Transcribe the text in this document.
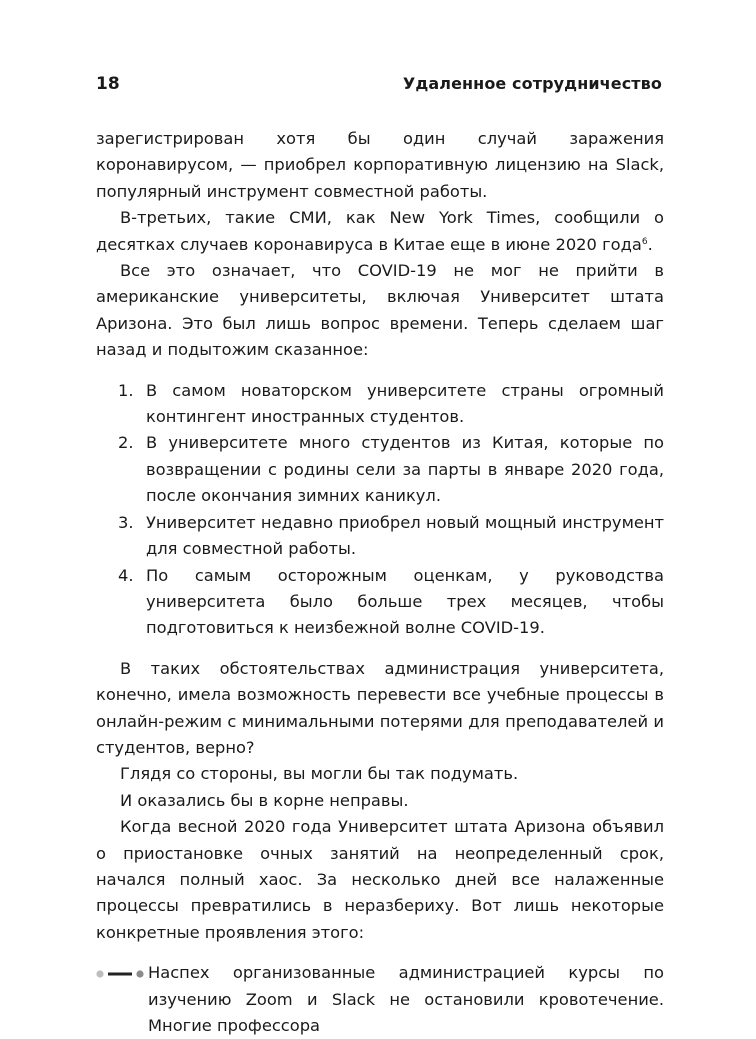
18	Удаленное сотрудничество

зарегистрирован хотя бы один случай заражения коронавирусом, — приобрел корпоративную лицензию на Slack, популярный инструмент совместной работы.

В-третьих, такие СМИ, как New York Times, сообщили о десятках случаев коронавируса в Китае еще в июне 2020 года$^6$.

Все это означает, что COVID-19 не мог не прийти в американские университеты, включая Университет штата Аризона. Это был лишь вопрос времени. Теперь сделаем шаг назад и подытожим сказанное:

1. В самом новаторском университете страны огромный контингент иностранных студентов.
2. В университете много студентов из Китая, которые по возвращении с родины сели за парты в январе 2020 года, после окончания зимних каникул.
3. Университет недавно приобрел новый мощный инструмент для совместной работы.
4. По самым осторожным оценкам, у руководства университета было больше трех месяцев, чтобы подготовиться к неизбежной волне COVID-19.

В таких обстоятельствах администрация университета, конечно, имела возможность перевести все учебные процессы в онлайн-режим с минимальными потерями для преподавателей и студентов, верно?

Глядя со стороны, вы могли бы так подумать.

И оказались бы в корне неправы.

Когда весной 2020 года Университет штата Аризона объявил о приостановке очных занятий на неопределенный срок, начался полный хаос. За несколько дней все налаженные процессы превратились в неразбериху. Вот лишь некоторые конкретные проявления этого:

Наспех организованные администрацией курсы по изучению Zoom и Slack не остановили кровотечение. Многие профессора
